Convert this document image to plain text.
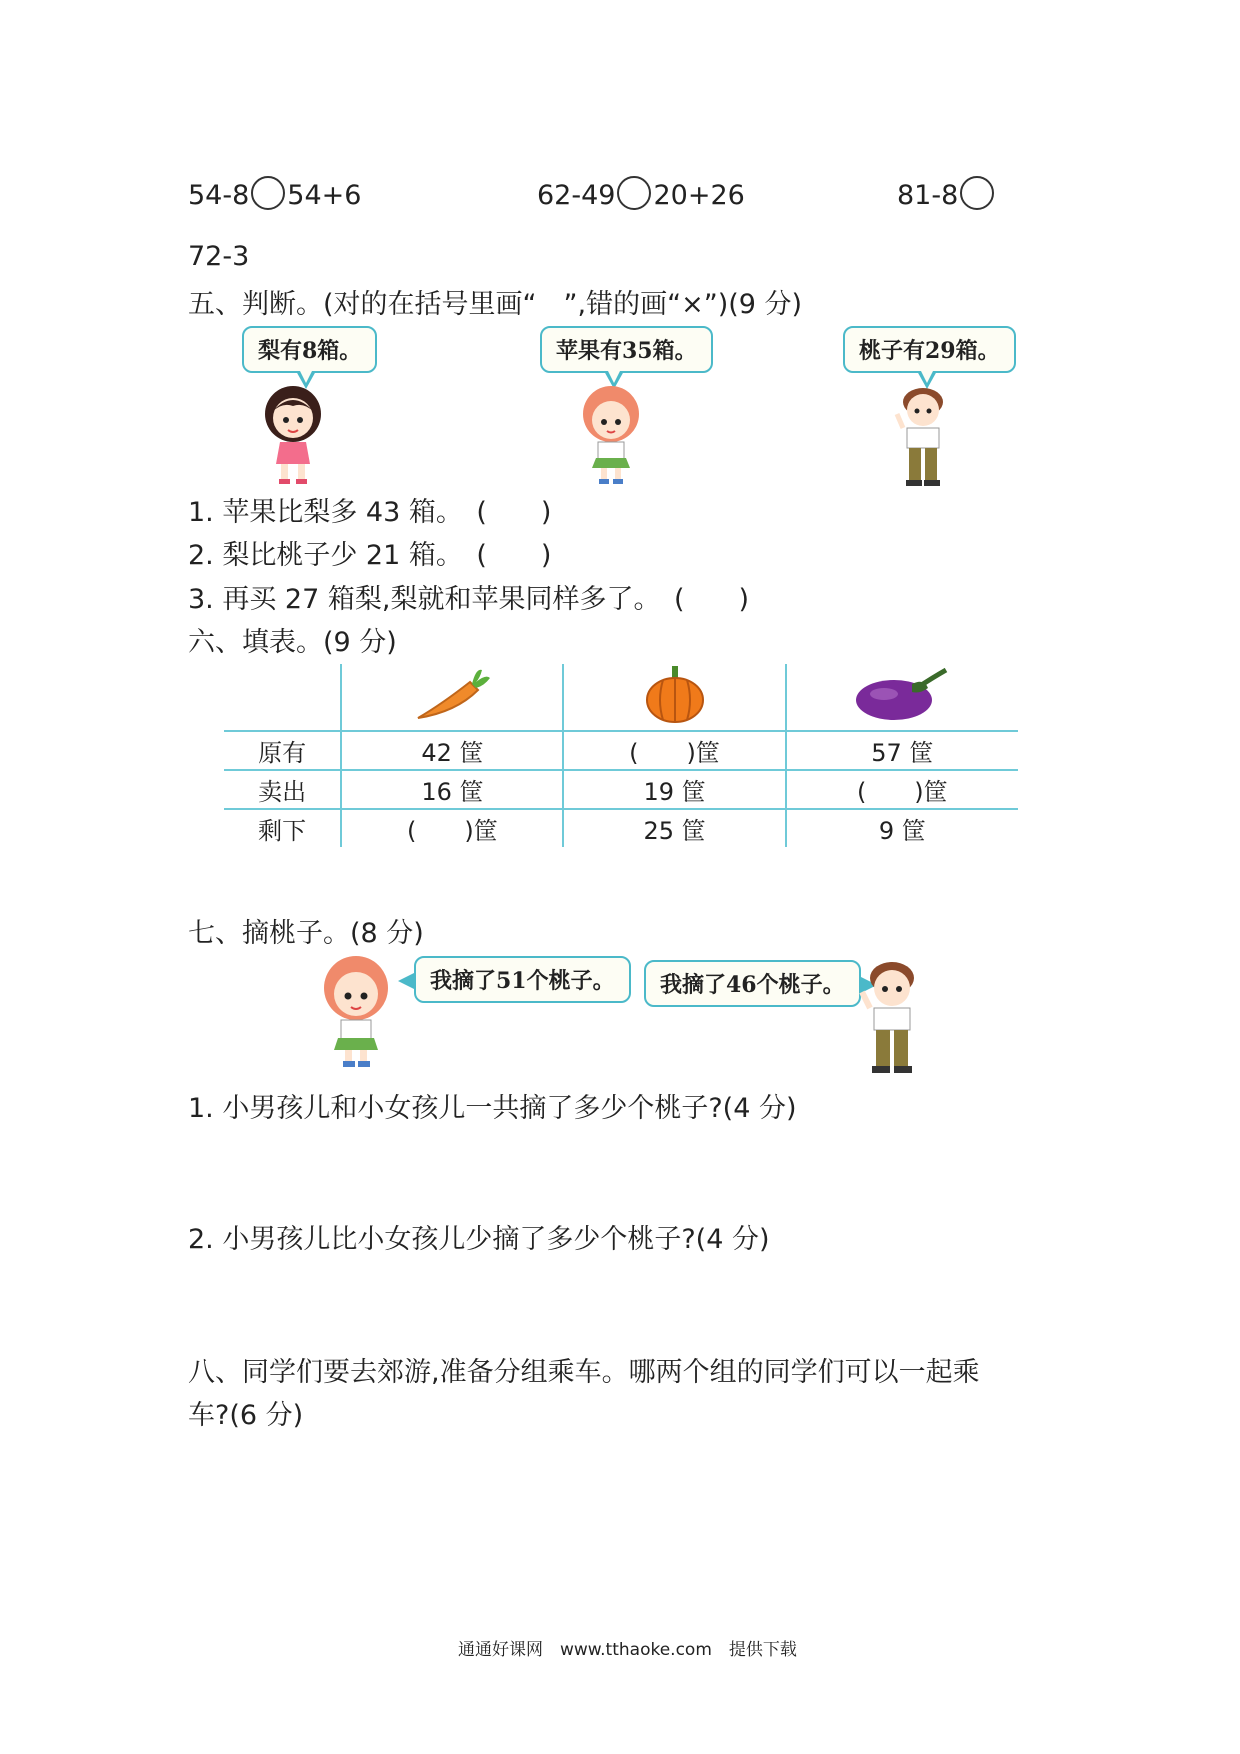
54-8 54+6	62-49 20+26	81-8
72-3
五、判断。(对的在括号里画“　”,错的画“×”)(9 分)
梨有8箱。	苹果有35箱。	桃子有29箱。
1. 苹果比梨多 43 箱。　(　　)
2. 梨比桃子少 21 箱。　(　　)
3. 再买 27 箱梨,梨就和苹果同样多了。　(　　)
六、填表。(9 分)

原有	42 筐	(　　)筐	57 筐
卖出	16 筐	19 筐	(　　)筐
剩下	(　　)筐	25 筐	9 筐
七、摘桃子。(8 分)
我摘了51个桃子。	我摘了46个桃子。
1. 小男孩儿和小女孩儿一共摘了多少个桃子?(4 分)
2. 小男孩儿比小女孩儿少摘了多少个桃子?(4 分)
八、同学们要去郊游,准备分组乘车。哪两个组的同学们可以一起乘
车?(6 分)
通通好课网　www.tthaoke.com　提供下载
